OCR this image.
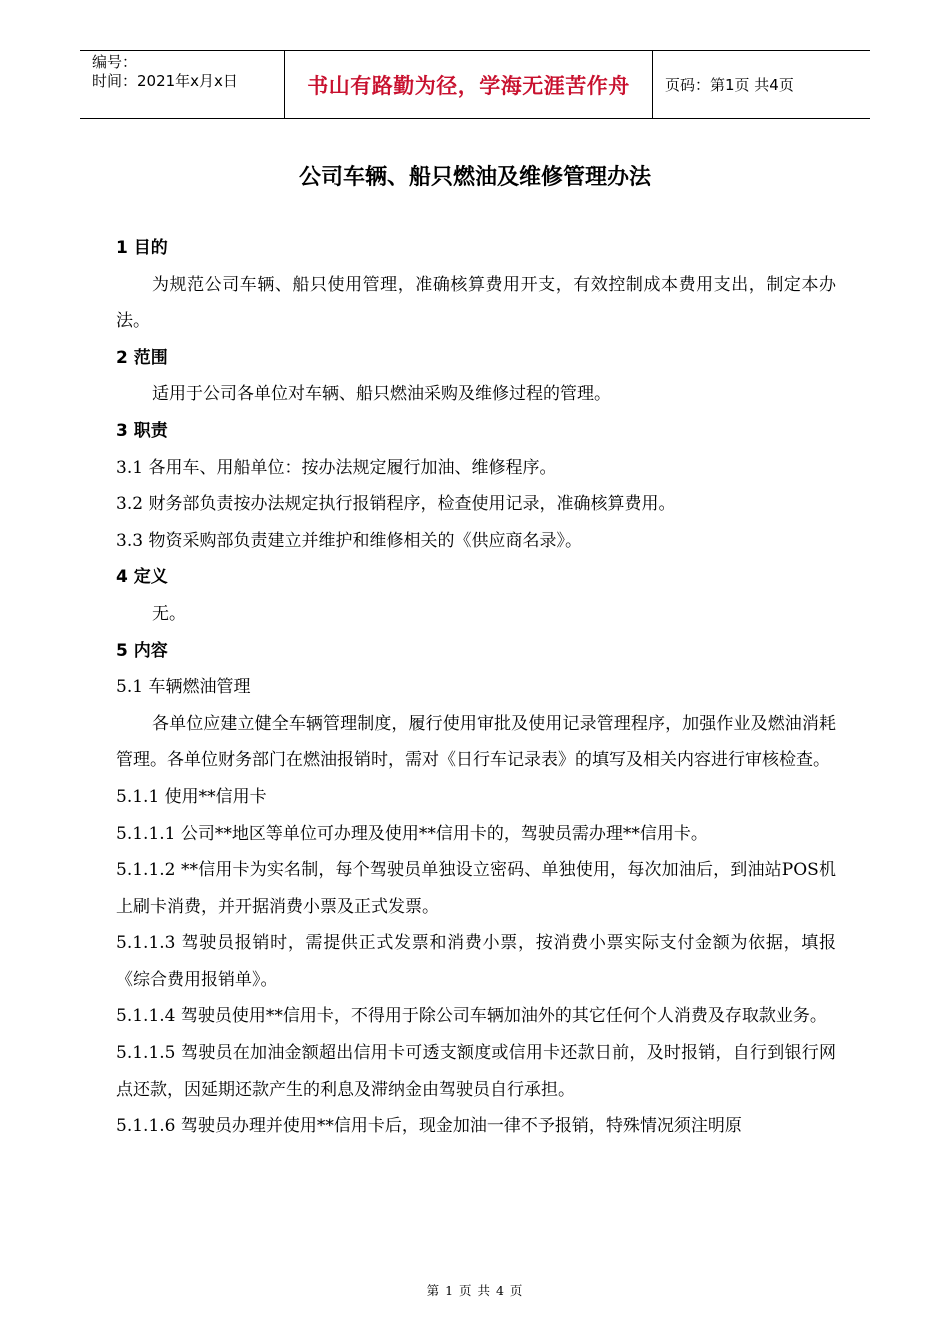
编号：
时间：2021年x月x日	书山有路勤为径，学海无涯苦作舟	页码：第1页 共4页
公司车辆、船只燃油及维修管理办法

1 目的

为规范公司车辆、船只使用管理，准确核算费用开支，有效控制成本费用支出，制定本办法。

2 范围

适用于公司各单位对车辆、船只燃油采购及维修过程的管理。

3 职责

3.1 各用车、用船单位：按办法规定履行加油、维修程序。

3.2 财务部负责按办法规定执行报销程序，检查使用记录，准确核算费用。

3.3 物资采购部负责建立并维护和维修相关的《供应商名录》。

4 定义

无。

5 内容

5.1 车辆燃油管理

各单位应建立健全车辆管理制度，履行使用审批及使用记录管理程序，加强作业及燃油消耗管理。各单位财务部门在燃油报销时，需对《日行车记录表》的填写及相关内容进行审核检查。

5.1.1 使用**信用卡

5.1.1.1 公司**地区等单位可办理及使用**信用卡的，驾驶员需办理**信用卡。

5.1.1.2 **信用卡为实名制，每个驾驶员单独设立密码、单独使用，每次加油后，到油站POS机上刷卡消费，并开据消费小票及正式发票。

5.1.1.3 驾驶员报销时，需提供正式发票和消费小票，按消费小票实际支付金额为依据，填报《综合费用报销单》。

5.1.1.4 驾驶员使用**信用卡，不得用于除公司车辆加油外的其它任何个人消费及存取款业务。

5.1.1.5 驾驶员在加油金额超出信用卡可透支额度或信用卡还款日前，及时报销，自行到银行网点还款，因延期还款产生的利息及滞纳金由驾驶员自行承担。

5.1.1.6 驾驶员办理并使用**信用卡后，现金加油一律不予报销，特殊情况须注明原

第 1 页 共 4 页
